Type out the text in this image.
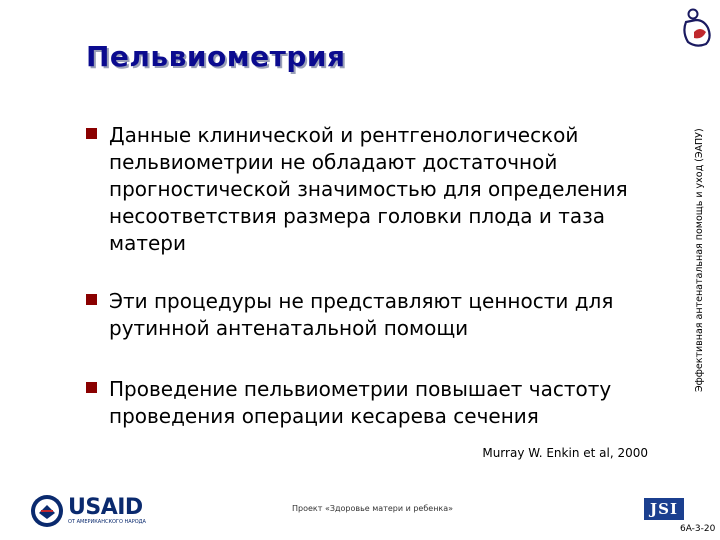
Пельвиометрия

Данные клинической и рентгенологической пельвиометрии не обладают достаточной прогностической значимостью для определения несоответствия размера головки плода и таза матери

Эти процедуры не представляют ценности для рутинной антенатальной помощи

Проведение пельвиометрии повышает частоту проведения операции кесарева сечения

Murray W. Enkin et al, 2000
Эффективная антенатальная помощь и уход (ЭАПУ)
USAID
ОТ АМЕРИКАНСКОГО НАРОДА
Проект «Здоровье матери и ребенка»	JSI
6A-3-20
